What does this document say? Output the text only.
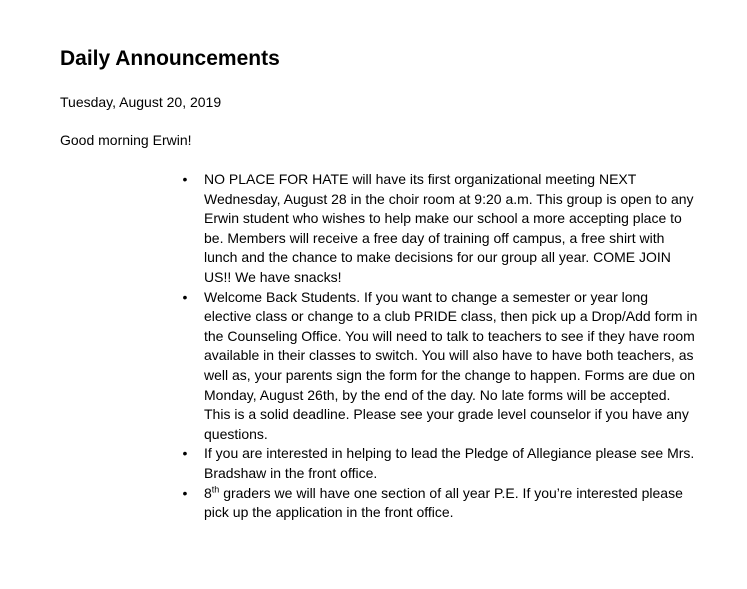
Daily Announcements
Tuesday, August 20, 2019
Good morning Erwin!
•	NO PLACE FOR HATE will have its first organizational meeting NEXT Wednesday, August 28 in the choir room at 9:20 a.m. This group is open to any Erwin student who wishes to help make our school a more accepting place to be. Members will receive a free day of training off campus, a free shirt with lunch and the chance to make decisions for our group all year. COME JOIN US!! We have snacks!
•	Welcome Back Students. If you want to change a semester or year long elective class or change to a club PRIDE class, then pick up a Drop/Add form in the Counseling Office. You will need to talk to teachers to see if they have room available in their classes to switch. You will also have to have both teachers, as well as, your parents sign the form for the change to happen. Forms are due on Monday, August 26th, by the end of the day. No late forms will be accepted. This is a solid deadline. Please see your grade level counselor if you have any questions.
•	If you are interested in helping to lead the Pledge of Allegiance please see Mrs. Bradshaw in the front office.
•	8th graders we will have one section of all year P.E. If you’re interested please pick up the application in the front office.
